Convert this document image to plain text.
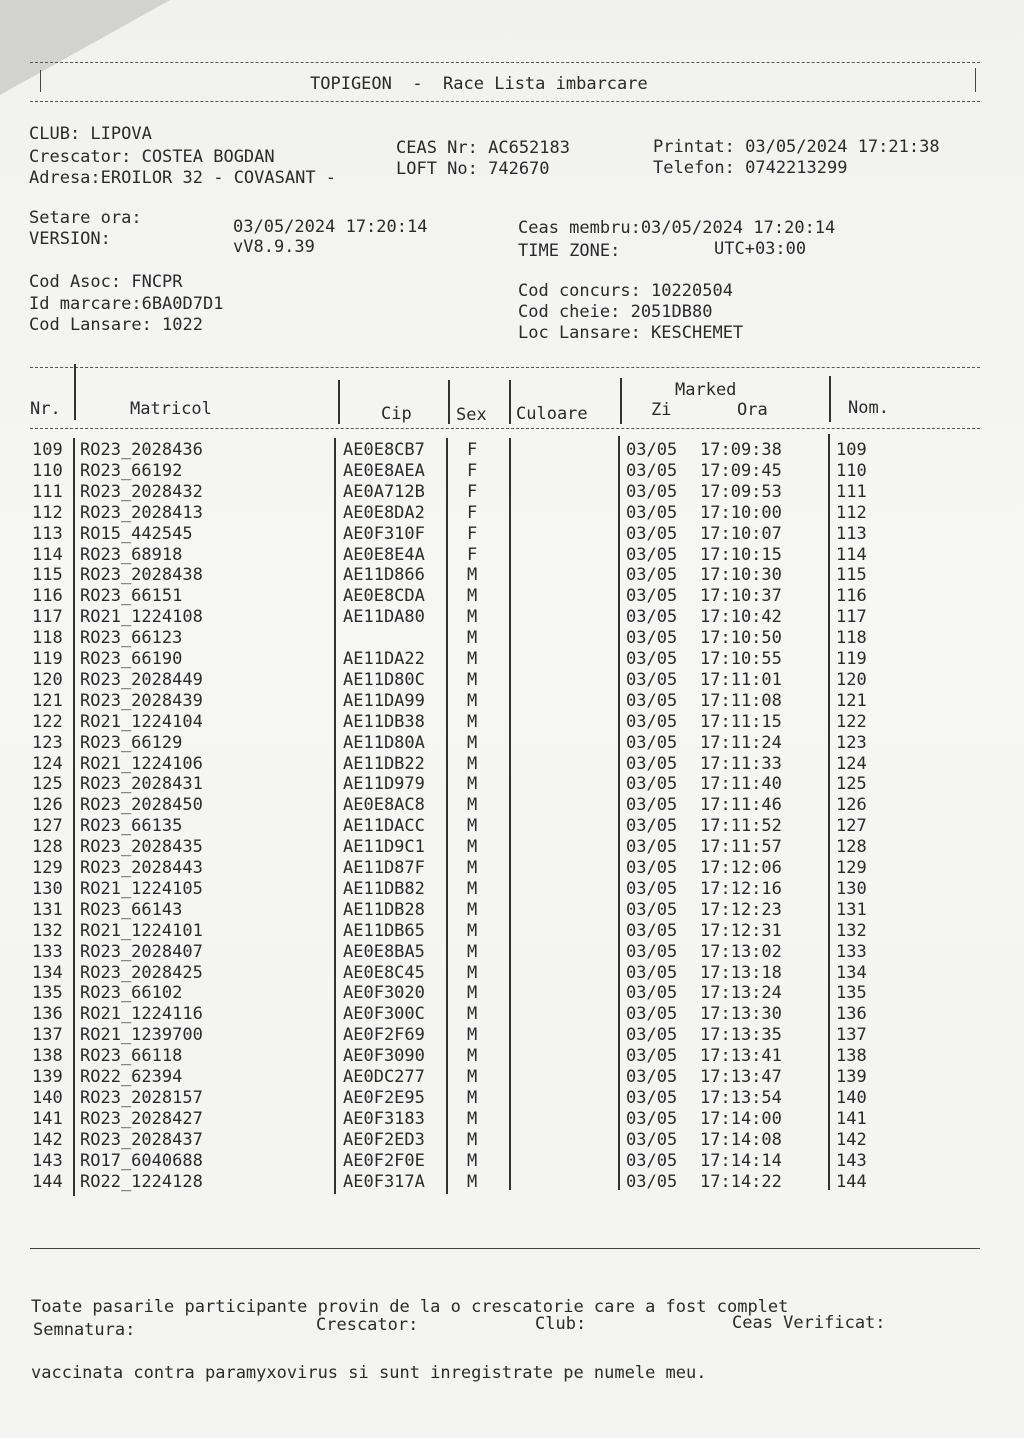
TOPIGEON  -  Race Lista imbarcare
CLUB: LIPOVA
Crescator: COSTEA BOGDAN
Adresa:EROILOR 32 - COVASANT -
CEAS Nr: AC652183
LOFT No: 742670
Printat: 03/05/2024 17:21:38
Telefon: 0742213299
Setare ora:	03/05/2024 17:20:14
VERSION:	vV8.9.39
Ceas membru:03/05/2024 17:20:14
TIME ZONE:	UTC+03:00
Cod Asoc: FNCPR
Id marcare:6BA0D7D1
Cod Lansare: 1022
Cod concurs: 10220504
Cod cheie: 2051DB80
Loc Lansare: KESCHEMET
Nr.	Matricol	Cip	Sex Culoare
Marked
Zi	Ora	Nom.
109 RO23_2028436	AE0E8CB7 F	03/05 17:09:38	109
110 RO23_66192	AE0E8AEA F	03/05 17:09:45	110
111 RO23_2028432	AE0A712B F	03/05 17:09:53	111
112 RO23_2028413	AE0E8DA2 F	03/05 17:10:00	112
113 RO15_442545	AE0F310F F	03/05 17:10:07	113
114 RO23_68918	AE0E8E4A F	03/05 17:10:15	114
115 RO23_2028438	AE11D866 M	03/05 17:10:30	115
116 RO23_66151	AE0E8CDA M	03/05 17:10:37	116
117 RO21_1224108	AE11DA80 M	03/05 17:10:42	117
118 RO23_66123	M	03/05 17:10:50	118
119 RO23_66190	AE11DA22 M	03/05 17:10:55	119
120 RO23_2028449	AE11D80C M	03/05 17:11:01	120
121 RO23_2028439	AE11DA99 M	03/05 17:11:08	121
122 RO21_1224104	AE11DB38 M	03/05 17:11:15	122
123 RO23_66129	AE11D80A M	03/05 17:11:24	123
124 RO21_1224106	AE11DB22 M	03/05 17:11:33	124
125 RO23_2028431	AE11D979 M	03/05 17:11:40	125
126 RO23_2028450	AE0E8AC8 M	03/05 17:11:46	126
127 RO23_66135	AE11DACC M	03/05 17:11:52	127
128 RO23_2028435	AE11D9C1 M	03/05 17:11:57	128
129 RO23_2028443	AE11D87F M	03/05 17:12:06	129
130 RO21_1224105	AE11DB82 M	03/05 17:12:16	130
131 RO23_66143	AE11DB28 M	03/05 17:12:23	131
132 RO21_1224101	AE11DB65 M	03/05 17:12:31	132
133 RO23_2028407	AE0E8BA5 M	03/05 17:13:02	133
134 RO23_2028425	AE0E8C45 M	03/05 17:13:18	134
135 RO23_66102	AE0F3020 M	03/05 17:13:24	135
136 RO21_1224116	AE0F300C M	03/05 17:13:30	136
137 RO21_1239700	AE0F2F69 M	03/05 17:13:35	137
138 RO23_66118	AE0F3090 M	03/05 17:13:41	138
139 RO22_62394	AE0DC277 M	03/05 17:13:47	139
140 RO23_2028157	AE0F2E95 M	03/05 17:13:54	140
141 RO23_2028427	AE0F3183 M	03/05 17:14:00	141
142 RO23_2028437	AE0F2ED3 M	03/05 17:14:08	142
143 RO17_6040688	AE0F2F0E M	03/05 17:14:14	143
144 RO22_1224128	AE0F317A M	03/05 17:14:22	144

Toate pasarile participante provin de la o crescatorie care a fost complet

vaccinata contra paramyxovirus si sunt inregistrate pe numele meu.

Semnatura:	Crescator:	Club:	Ceas Verificat:
